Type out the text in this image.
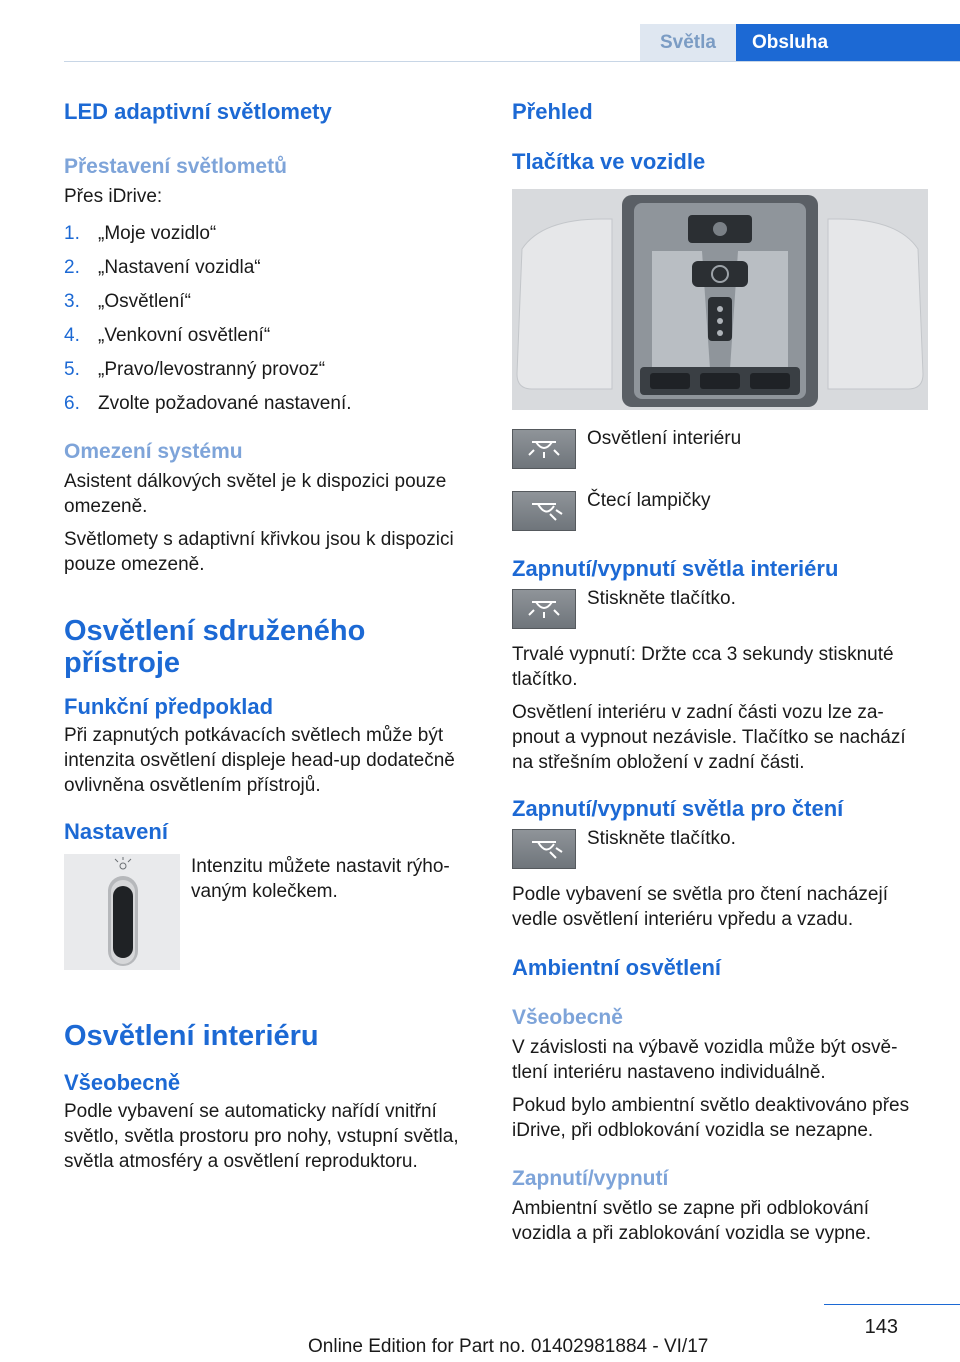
Světla	Obsluha
LED adaptivní světlomety
Přestavení světlometů

Přes iDrive:

1. „Moje vozidlo“
2. „Nastavení vozidla“
3. „Osvětlení“
4. „Venkovní osvětlení“
5. „Pravo/levostranný provoz“
6. Zvolte požadované nastavení.
Omezení systému

Asistent dálkových světel je k dispozici pouze omezeně.

Světlomety s adaptivní křivkou jsou k dispozici pouze omezeně.

Osvětlení sdruženého přístroje
Funkční předpoklad

Při zapnutých potkávacích světlech může být intenzita osvětlení displeje head-up dodatečně ovlivněna osvětlením přístrojů.

Nastavení

Intenzitu můžete nastavit rýho-vaným kolečkem.

Osvětlení interiéru
Všeobecně

Podle vybavení se automaticky nařídí vnitřní světlo, světla prostoru pro nohy, vstupní světla, světla atmosféry a osvětlení reproduktoru.

Přehled
Tlačítka ve vozidle

Osvětlení interiéru

Čtecí lampičky

Zapnutí/vypnutí světla interiéru

Stiskněte tlačítko.

Trvalé vypnutí: Držte cca 3 sekundy stisknuté tlačítko.

Osvětlení interiéru v zadní části vozu lze za-pnout a vypnout nezávisle. Tlačítko se nachází na střešním obložení v zadní části.

Zapnutí/vypnutí světla pro čtení

Stiskněte tlačítko.

Podle vybavení se světla pro čtení nacházejí vedle osvětlení interiéru vpředu a vzadu.

Ambientní osvětlení
Všeobecně

V závislosti na výbavě vozidla může být osvě-tlení interiéru nastaveno individuálně.

Pokud bylo ambientní světlo deaktivováno přes iDrive, při odblokování vozidla se nezapne.

Zapnutí/vypnutí

Ambientní světlo se zapne při odblokování vozidla a při zablokování vozidla se vypne.

143
Online Edition for Part no. 01402981884 - VI/17
